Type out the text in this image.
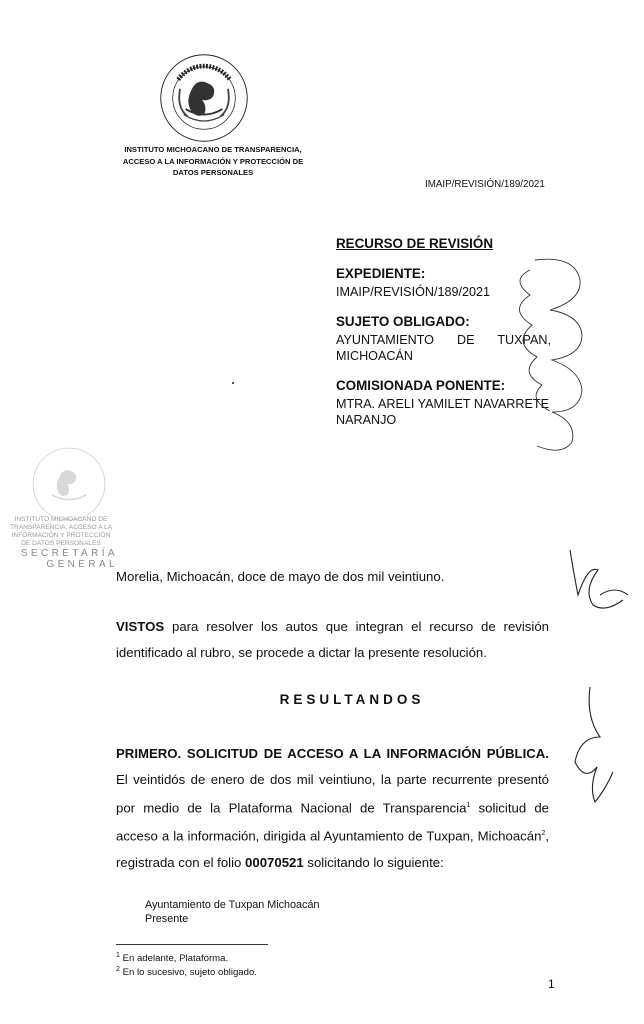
INSTITUTO MICHOACANO DE TRANSPARENCIA,
ACCESO A LA INFORMACIÓN Y PROTECCIÓN DE
DATOS PERSONALES
IMAIP/REVISIÓN/189/2021
RECURSO DE REVISIÓN
EXPEDIENTE:
IMAIP/REVISIÓN/189/2021
SUJETO OBLIGADO:
AYUNTAMIENTO DE TUXPAN,
MICHOACÁN
COMISIONADA PONENTE:
MTRA. ARELI YAMILET NAVARRETE
NARANJO
INSTITUTO MICHOACANO DE
TRANSPARENCIA, ACCESO A LA
INFORMACIÓN Y PROTECCIÓN
DE DATOS PERSONALES
SECRETARÍA
GENERAL
Morelia, Michoacán, doce de mayo de dos mil veintiuno.
VISTOS para resolver los autos que integran el recurso de revisión identificado al rubro, se procede a dictar la presente resolución.
RESULTANDOS
PRIMERO. SOLICITUD DE ACCESO A LA INFORMACIÓN PÚBLICA. El veintidós de enero de dos mil veintiuno, la parte recurrente presentó por medio de la Plataforma Nacional de Transparencia$^1$ solicitud de acceso a la información, dirigida al Ayuntamiento de Tuxpan, Michoacán$^2$, registrada con el folio 00070521 solicitando lo siguiente:
Ayuntamiento de Tuxpan Michoacán
Presente
$^1$ En adelante, Plataforma.
$^2$ En lo sucesivo, sujeto obligado.
1
